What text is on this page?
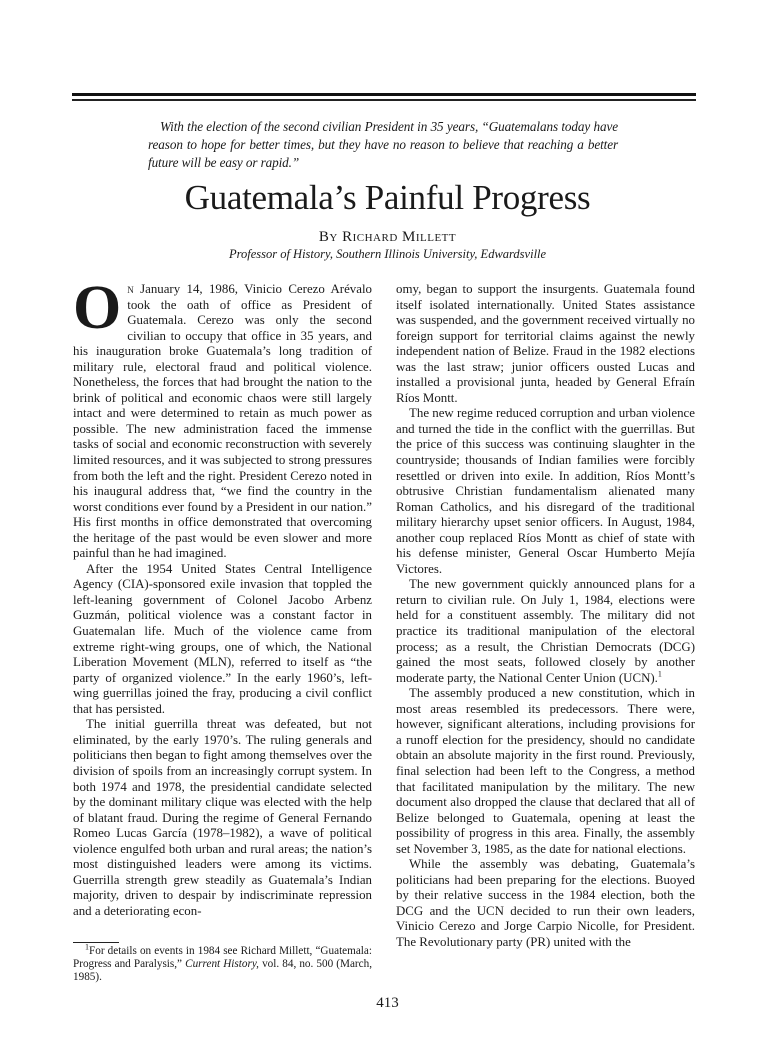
With the election of the second civilian President in 35 years, “Guatemalans today have reason to hope for better times, but they have no reason to believe that reaching a better future will be easy or rapid.”
Guatemala’s Painful Progress
By Richard Millett
Professor of History, Southern Illinois University, Edwardsville

On January 14, 1986, Vinicio Cerezo Arévalo took the oath of office as President of Guatemala. Cerezo was only the second civilian to occupy that office in 35 years, and his inauguration broke Guatemala’s long tradition of military rule, electoral fraud and political violence. Nonetheless, the forces that had brought the nation to the brink of political and economic chaos were still largely intact and were determined to retain as much power as possible. The new administration faced the immense tasks of social and economic reconstruction with severely limited resources, and it was subjected to strong pressures from both the left and the right. President Cerezo noted in his inaugural address that, “we find the country in the worst conditions ever found by a President in our nation.” His first months in office demonstrated that overcoming the heritage of the past would be even slower and more painful than he had imagined.

After the 1954 United States Central Intelligence Agency (CIA)-sponsored exile invasion that toppled the left-leaning government of Colonel Jacobo Arbenz Guzmán, political violence was a constant factor in Guatemalan life. Much of the violence came from extreme right-wing groups, one of which, the National Liberation Movement (MLN), referred to itself as “the party of organized violence.” In the early 1960’s, left-wing guerrillas joined the fray, producing a civil conflict that has persisted.

The initial guerrilla threat was defeated, but not eliminated, by the early 1970’s. The ruling generals and politicians then began to fight among themselves over the division of spoils from an increasingly corrupt system. In both 1974 and 1978, the presidential candidate selected by the dominant military clique was elected with the help of blatant fraud. During the regime of General Fernando Romeo Lucas García (1978–1982), a wave of political violence engulfed both urban and rural areas; the nation’s most distinguished leaders were among its victims. Guerrilla strength grew steadily as Guatemala’s Indian majority, driven to despair by indiscriminate repression and a deteriorating econ-

$^1$For details on events in 1984 see Richard Millett, “Guatemala: Progress and Paralysis,” Current History, vol. 84, no. 500 (March, 1985).

omy, began to support the insurgents. Guatemala found itself isolated internationally. United States assistance was suspended, and the government received virtually no foreign support for territorial claims against the newly independent nation of Belize. Fraud in the 1982 elections was the last straw; junior officers ousted Lucas and installed a provisional junta, headed by General Efraín Ríos Montt.

The new regime reduced corruption and urban violence and turned the tide in the conflict with the guerrillas. But the price of this success was continuing slaughter in the countryside; thousands of Indian families were forcibly resettled or driven into exile. In addition, Ríos Montt’s obtrusive Christian fundamentalism alienated many Roman Catholics, and his disregard of the traditional military hierarchy upset senior officers. In August, 1984, another coup replaced Ríos Montt as chief of state with his defense minister, General Oscar Humberto Mejía Victores.

The new government quickly announced plans for a return to civilian rule. On July 1, 1984, elections were held for a constituent assembly. The military did not practice its traditional manipulation of the electoral process; as a result, the Christian Democrats (DCG) gained the most seats, followed closely by another moderate party, the National Center Union (UCN).$^1$

The assembly produced a new constitution, which in most areas resembled its predecessors. There were, however, significant alterations, including provisions for a runoff election for the presidency, should no candidate obtain an absolute majority in the first round. Previously, final selection had been left to the Congress, a method that facilitated manipulation by the military. The new document also dropped the clause that declared that all of Belize belonged to Guatemala, opening at least the possibility of progress in this area. Finally, the assembly set November 3, 1985, as the date for national elections.

While the assembly was debating, Guatemala’s politicians had been preparing for the elections. Buoyed by their relative success in the 1984 election, both the DCG and the UCN decided to run their own leaders, Vinicio Cerezo and Jorge Carpio Nicolle, for President. The Revolutionary party (PR) united with the

413
